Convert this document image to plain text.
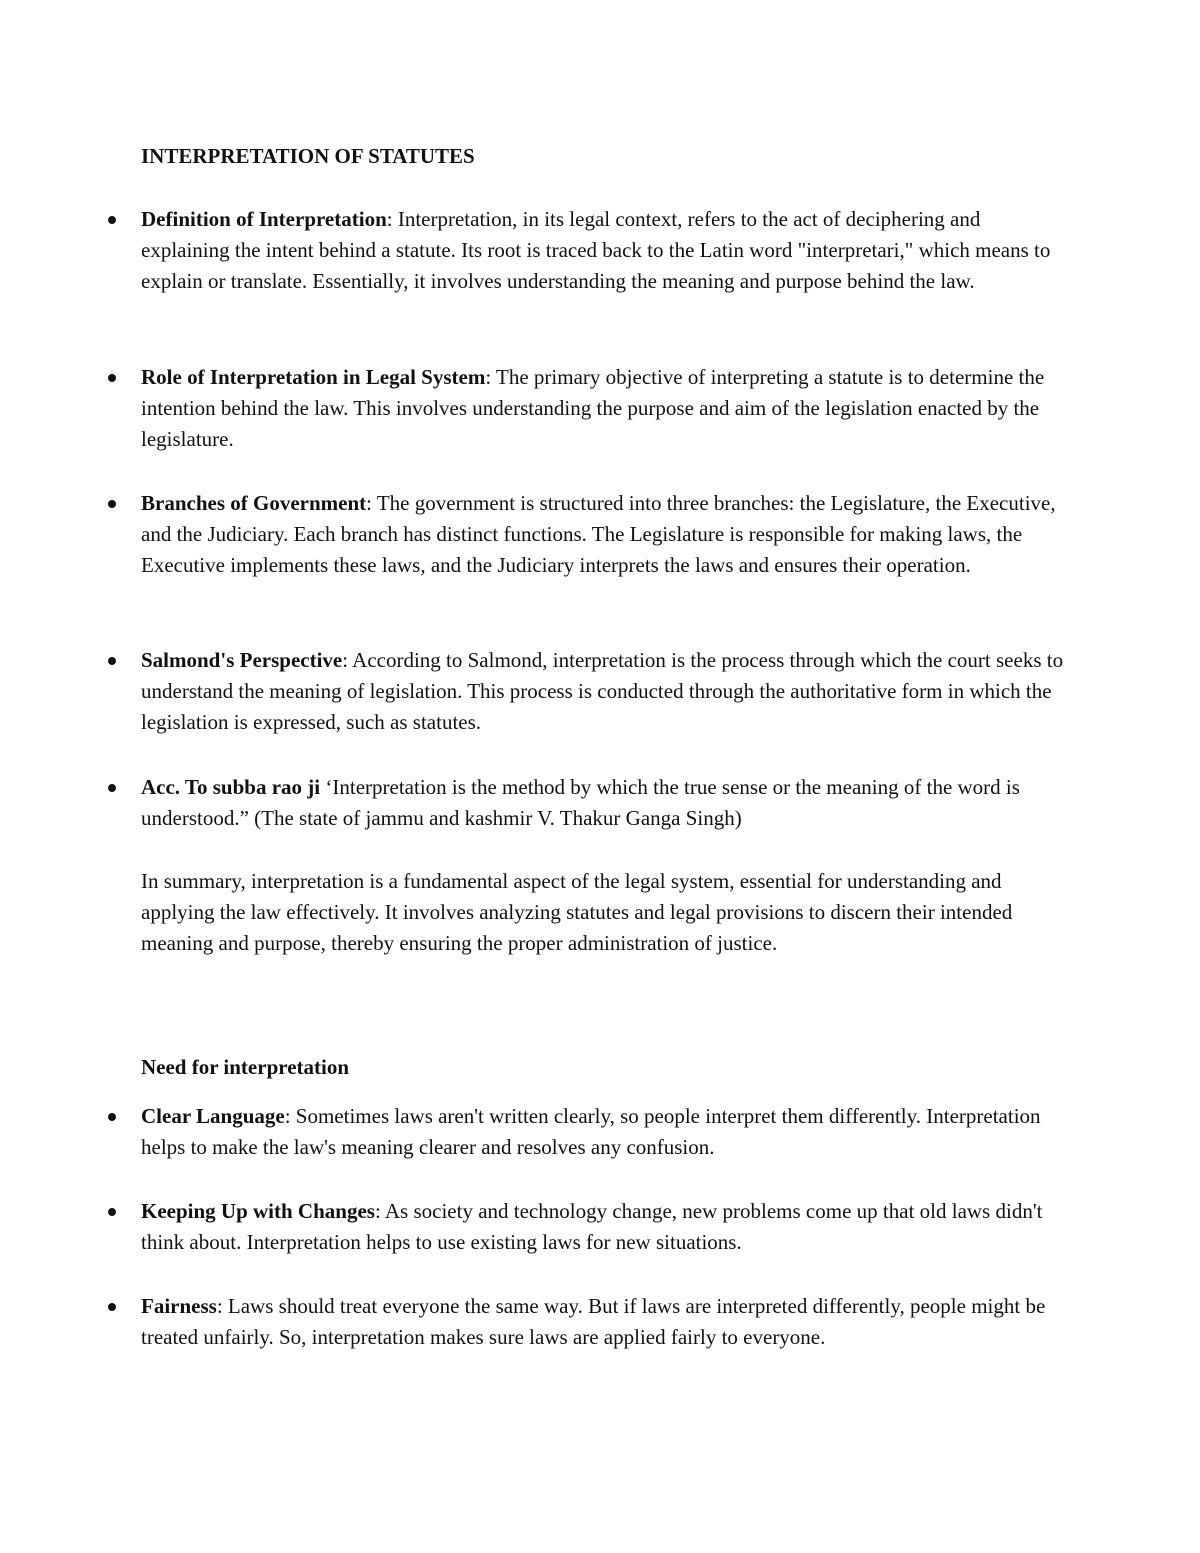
INTERPRETATION OF STATUTES

Definition of Interpretation: Interpretation, in its legal context, refers to the act of deciphering and explaining the intent behind a statute. Its root is traced back to the Latin word "interpretari," which means to explain or translate. Essentially, it involves understanding the meaning and purpose behind the law.

Role of Interpretation in Legal System: The primary objective of interpreting a statute is to determine the intention behind the law. This involves understanding the purpose and aim of the legislation enacted by the legislature.

Branches of Government: The government is structured into three branches: the Legislature, the Executive, and the Judiciary. Each branch has distinct functions. The Legislature is responsible for making laws, the Executive implements these laws, and the Judiciary interprets the laws and ensures their operation.

Salmond's Perspective: According to Salmond, interpretation is the process through which the court seeks to understand the meaning of legislation. This process is conducted through the authoritative form in which the legislation is expressed, such as statutes.

Acc. To subba rao ji ‘Interpretation is the method by which the true sense or the meaning of the word is understood.” (The state of jammu and kashmir V. Thakur Ganga Singh)

In summary, interpretation is a fundamental aspect of the legal system, essential for understanding and applying the law effectively. It involves analyzing statutes and legal provisions to discern their intended meaning and purpose, thereby ensuring the proper administration of justice.

Need for interpretation

Clear Language: Sometimes laws aren't written clearly, so people interpret them differently. Interpretation helps to make the law's meaning clearer and resolves any confusion.

Keeping Up with Changes: As society and technology change, new problems come up that old laws didn't think about. Interpretation helps to use existing laws for new situations.

Fairness: Laws should treat everyone the same way. But if laws are interpreted differently, people might be treated unfairly. So, interpretation makes sure laws are applied fairly to everyone.
